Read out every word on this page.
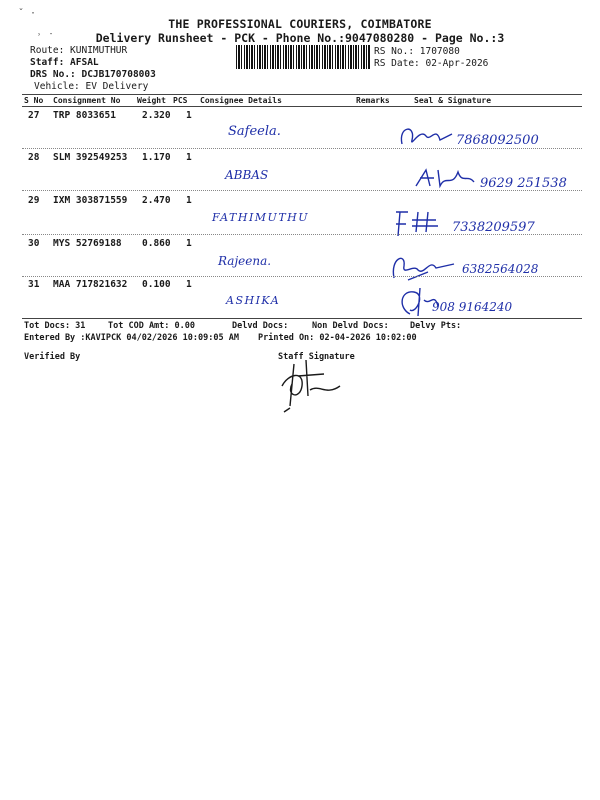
ˇ ·
˒ ˑ
THE PROFESSIONAL COURIERS, COIMBATORE
Delivery Runsheet - PCK - Phone No.:9047080280 - Page No.:3
Route: KUNIMUTHUR
Staff: AFSAL
DRS No.: DCJB170708003
Vehicle: EV Delivery
RS No.: 1707080
RS Date: 02-Apr-2026
S No Consignment No Weight PCS Consignee Details	Remarks	Seal & Signature
27 TRP 8033651	2.320 1
Safeela.
7868092500
28 SLM 392549253 1.170 1
ABBAS
9629 251538
29 IXM 303871559 2.470 1
FATHIMUTHU
7338209597
30 MYS 52769188 0.860 1
Rajeena.
6382564028
31 MAA 717821632 0.100 1
ASHIKA	908 9164240
Tot Docs: 31	Tot COD Amt: 0.00	Delvd Docs:	Non Delvd Docs: Delvy Pts:
Entered By :KAVIPCK 04/02/2026 10:09:05 AM Printed On: 02-04-2026 10:02:00
Verified By	Staff Signature
